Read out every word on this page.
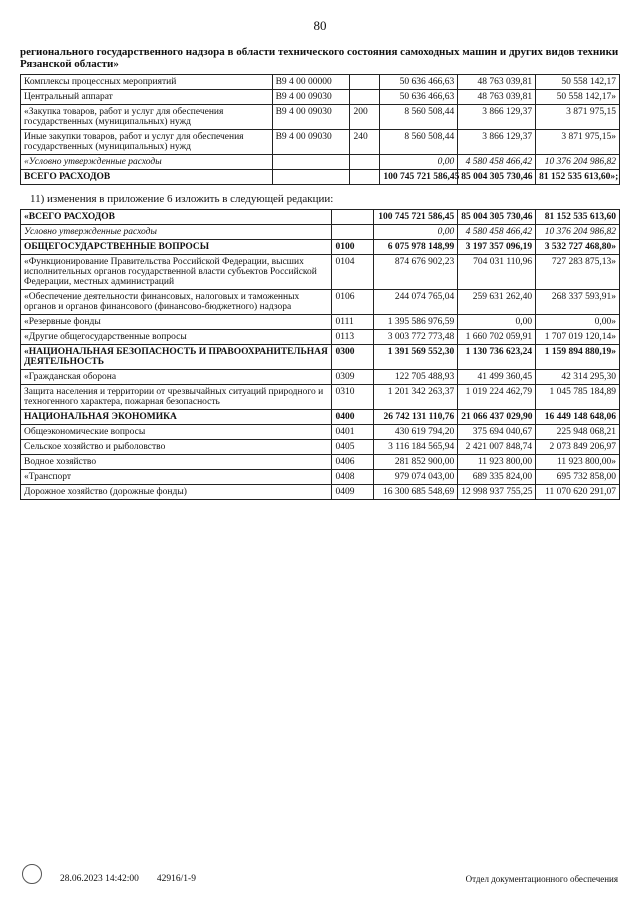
80
регионального государственного надзора в области технического состояния самоходных машин и других видов техники Рязанской области»
Комплексы процессных мероприятий	В9 4 00 00000		50 636 466,63	48 763 039,81	50 558 142,17
Центральный аппарат	В9 4 00 09030		50 636 466,63	48 763 039,81	50 558 142,17»
«Закупка товаров, работ и услуг для обеспечения государственных (муниципальных) нужд	В9 4 00 09030	200	8 560 508,44	3 866 129,37	3 871 975,15
Иные закупки товаров, работ и услуг для обеспечения государственных (муниципальных) нужд	В9 4 00 09030	240	8 560 508,44	3 866 129,37	3 871 975,15»
«Условно утвержденные расходы			0,00	4 580 458 466,42	10 376 204 986,82
ВСЕГО РАСХОДОВ			100 745 721 586,45	85 004 305 730,46	81 152 535 613,60»;
11) изменения в приложение 6 изложить в следующей редакции:
«ВСЕГО РАСХОДОВ		100 745 721 586,45	85 004 305 730,46	81 152 535 613,60
Условно утвержденные расходы		0,00	4 580 458 466,42	10 376 204 986,82
ОБЩЕГОСУДАРСТВЕННЫЕ ВОПРОСЫ	0100	6 075 978 148,99	3 197 357 096,19	3 532 727 468,80»
«Функционирование Правительства Российской Федерации, высших исполнительных органов государственной власти субъектов Российской Федерации, местных администраций	0104	874 676 902,23	704 031 110,96	727 283 875,13»
«Обеспечение деятельности финансовых, налоговых и таможенных органов и органов финансового (финансово-бюджетного) надзора	0106	244 074 765,04	259 631 262,40	268 337 593,91»
«Резервные фонды	0111	1 395 586 976,59	0,00	0,00»
«Другие общегосударственные вопросы	0113	3 003 772 773,48	1 660 702 059,91	1 707 019 120,14»
«НАЦИОНАЛЬНАЯ БЕЗОПАСНОСТЬ И ПРАВООХРАНИТЕЛЬНАЯ ДЕЯТЕЛЬНОСТЬ	0300	1 391 569 552,30	1 130 736 623,24	1 159 894 880,19»
«Гражданская оборона	0309	122 705 488,93	41 499 360,45	42 314 295,30
Защита населения и территории от чрезвычайных ситуаций природного и техногенного характера, пожарная безопасность	0310	1 201 342 263,37	1 019 224 462,79	1 045 785 184,89
НАЦИОНАЛЬНАЯ ЭКОНОМИКА	0400	26 742 131 110,76	21 066 437 029,90	16 449 148 648,06
Общеэкономические вопросы	0401	430 619 794,20	375 694 040,67	225 948 068,21
Сельское хозяйство и рыболовство	0405	3 116 184 565,94	2 421 007 848,74	2 073 849 206,97
Водное хозяйство	0406	281 852 900,00	11 923 800,00	11 923 800,00»
«Транспорт	0408	979 074 043,00	689 335 824,00	695 732 858,00
Дорожное хозяйство (дорожные фонды)	0409	16 300 685 548,69	12 998 937 755,25	11 070 620 291,07
28.06.2023 14:42:00 42916/1-9	Отдел документационного обеспечения
